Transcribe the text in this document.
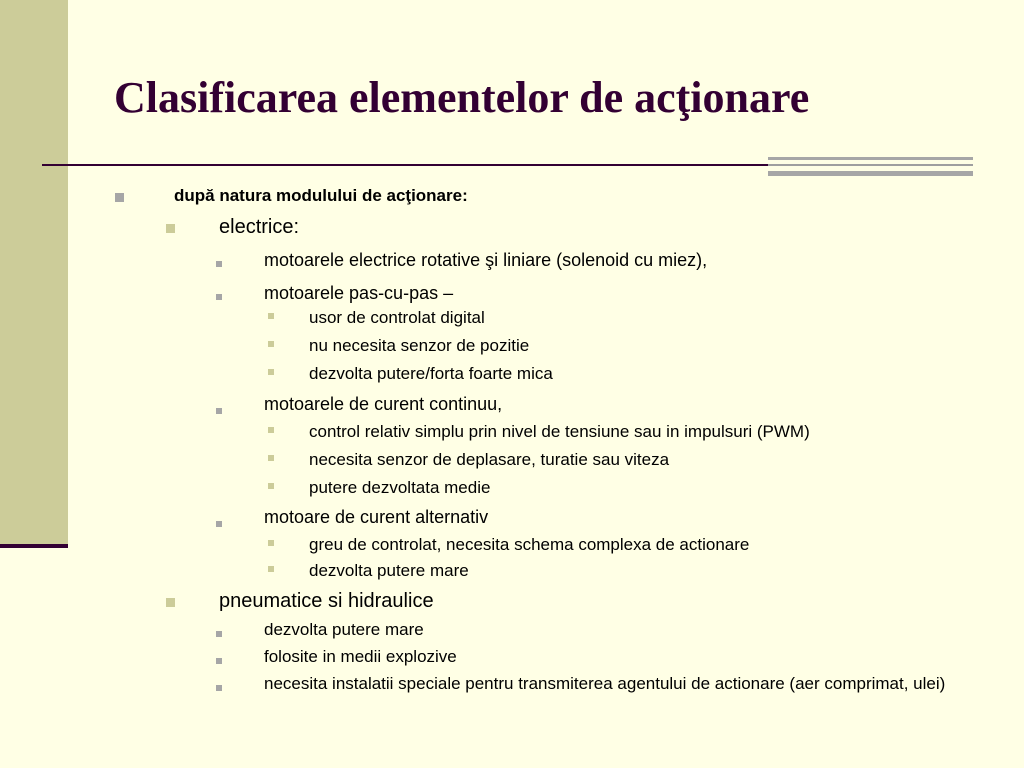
Clasificarea elementelor de acţionare
după natura modulului de acţionare:
electrice:
motoarele electrice rotative şi liniare (solenoid cu miez),
motoarele pas-cu-pas –
usor de controlat digital
nu necesita senzor de pozitie
dezvolta putere/forta foarte mica
motoarele de curent continuu,
control relativ simplu prin nivel de tensiune sau in impulsuri (PWM)
necesita senzor de deplasare, turatie sau viteza
putere dezvoltata medie
motoare de curent alternativ
greu de controlat, necesita schema complexa de actionare
dezvolta putere mare
pneumatice si hidraulice
dezvolta putere mare
folosite in medii explozive
necesita instalatii speciale pentru transmiterea agentului de actionare (aer comprimat, ulei)
